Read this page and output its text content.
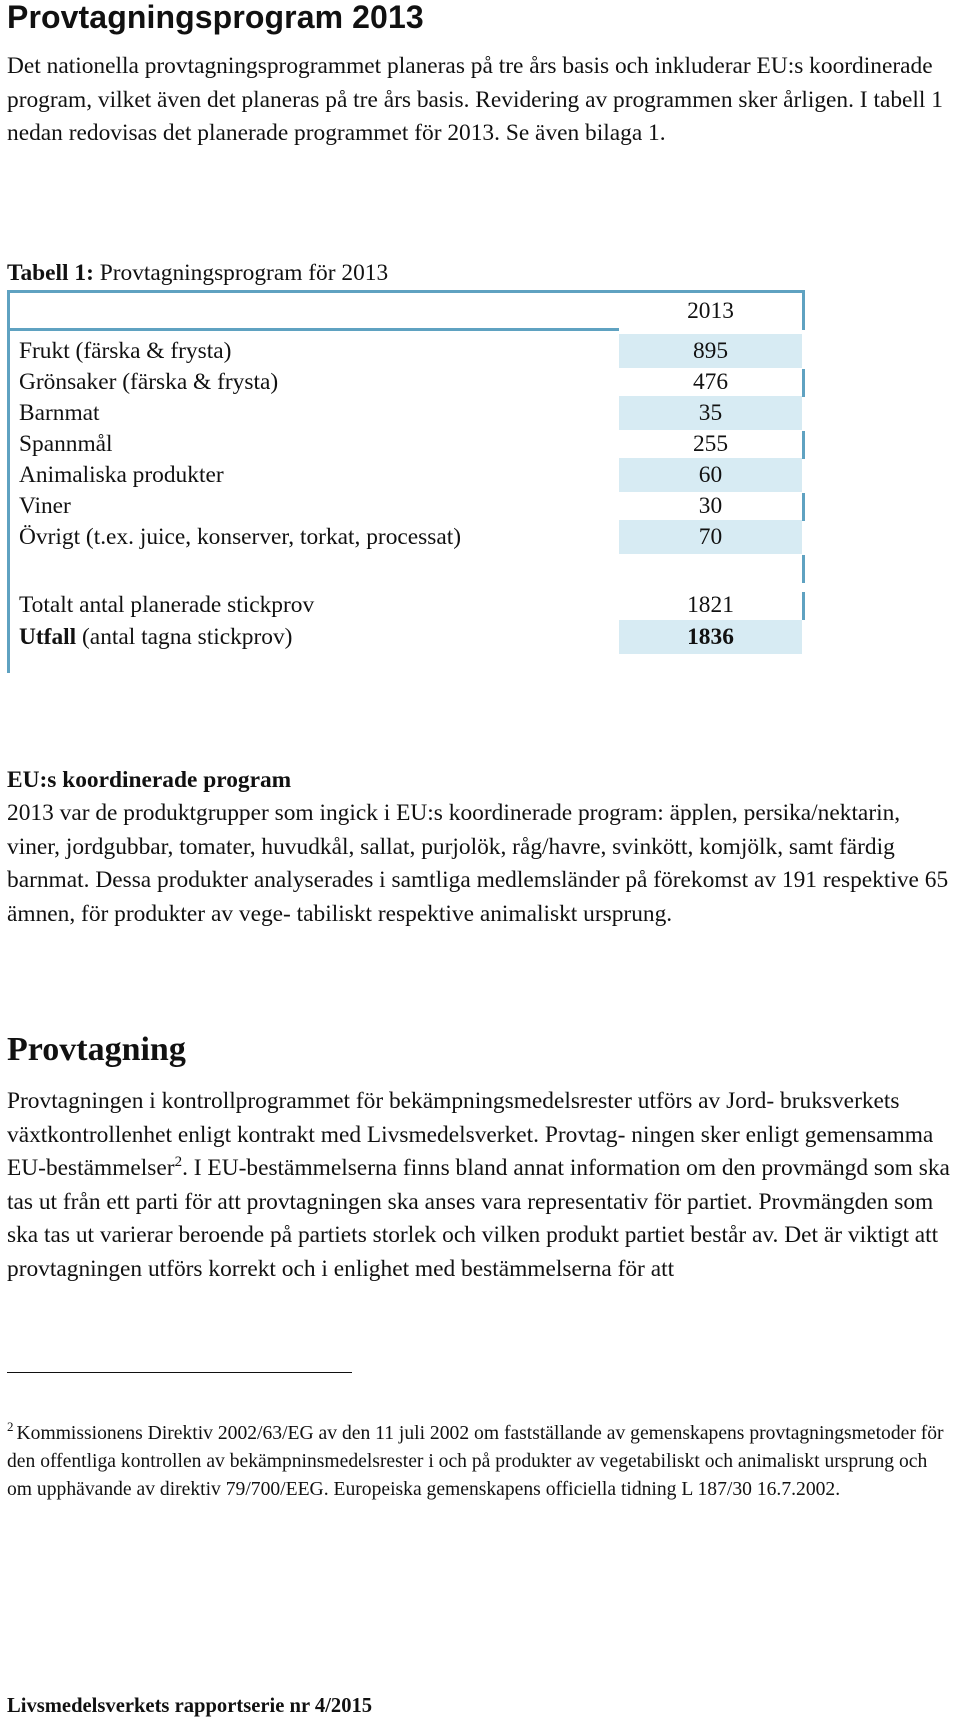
Provtagningsprogram 2013

Det nationella provtagningsprogrammet planeras på tre års basis och inkluderar EU:s koordinerade program, vilket även det planeras på tre års basis. Revidering av programmen sker årligen. I tabell 1 nedan redovisas det planerade programmet för 2013. Se även bilaga 1.

Tabell 1: Provtagningsprogram för 2013
2013
Frukt (färska & frysta)	895
Grönsaker (färska & frysta)	476
Barnmat	35
Spannmål	255
Animaliska produkter	60
Viner	30
Övrigt (t.ex. juice, konserver, torkat, processat)	70
Totalt antal planerade stickprov	1821
Utfall (antal tagna stickprov)	1836
EU:s koordinerade program

2013 var de produktgrupper som ingick i EU:s koordinerade program: äpplen, persika/nektarin, viner, jordgubbar, tomater, huvudkål, sallat, purjolök, råg/havre, svinkött, komjölk, samt färdig barnmat. Dessa produkter analyserades i samtliga medlemsländer på förekomst av 191 respektive 65 ämnen, för produkter av vege- tabiliskt respektive animaliskt ursprung.

Provtagning

Provtagningen i kontrollprogrammet för bekämpningsmedelsrester utförs av Jord- bruksverkets växtkontrollenhet enligt kontrakt med Livsmedelsverket. Provtag- ningen sker enligt gemensamma EU-bestämmelser$^2$. I EU-bestämmelserna finns bland annat information om den provmängd som ska tas ut från ett parti för att provtagningen ska anses vara representativ för partiet. Provmängden som ska tas ut varierar beroende på partiets storlek och vilken produkt partiet består av. Det är viktigt att provtagningen utförs korrekt och i enlighet med bestämmelserna för att

$^2$ Kommissionens Direktiv 2002/63/EG av den 11 juli 2002 om fastställande av gemenskapens provtagningsmetoder för den offentliga kontrollen av bekämpninsmedelsrester i och på produkter av vegetabiliskt och animaliskt ursprung och om upphävande av direktiv 79/700/EEG. Europeiska gemenskapens officiella tidning L 187/30 16.7.2002.

Livsmedelsverkets rapportserie nr 4/2015
